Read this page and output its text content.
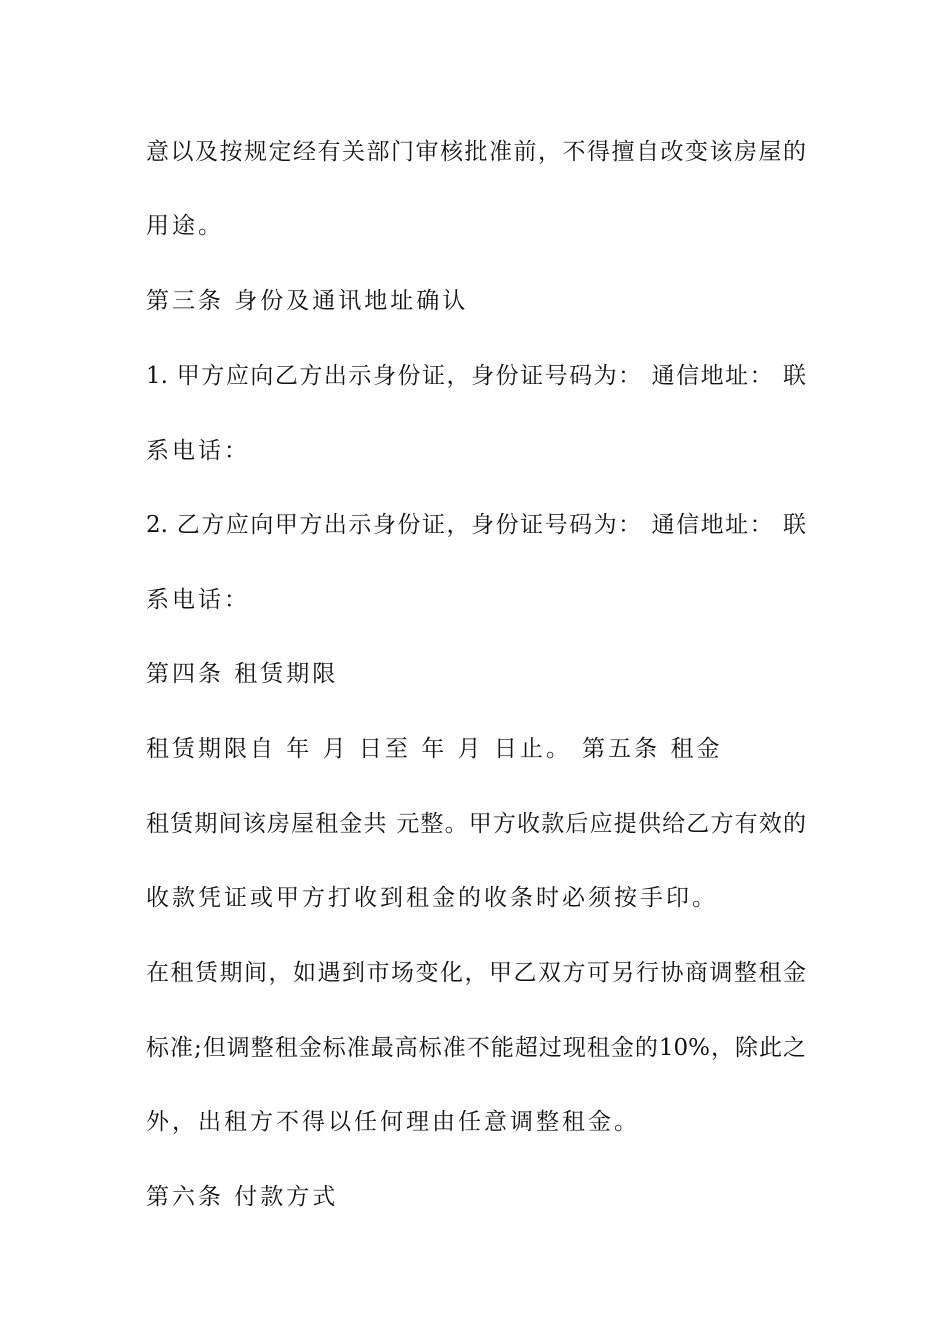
意以及按规定经有关部门审核批准前，不得擅自改变该房屋的
用途。
第三条 身份及通讯地址确认
1. 甲方应向乙方出示身份证，身份证号码为： 通信地址： 联
系电话：
2. 乙方应向甲方出示身份证，身份证号码为： 通信地址： 联
系电话：
第四条 租赁期限
租赁期限自 年 月 日至 年 月 日止。 第五条 租金
租赁期间该房屋租金共 元整。甲方收款后应提供给乙方有效的
收款凭证或甲方打收到租金的收条时必须按手印。
在租赁期间，如遇到市场变化，甲乙双方可另行协商调整租金
标准;但调整租金标准最高标准不能超过现租金的10%，除此之
外，出租方不得以任何理由任意调整租金。
第六条 付款方式
